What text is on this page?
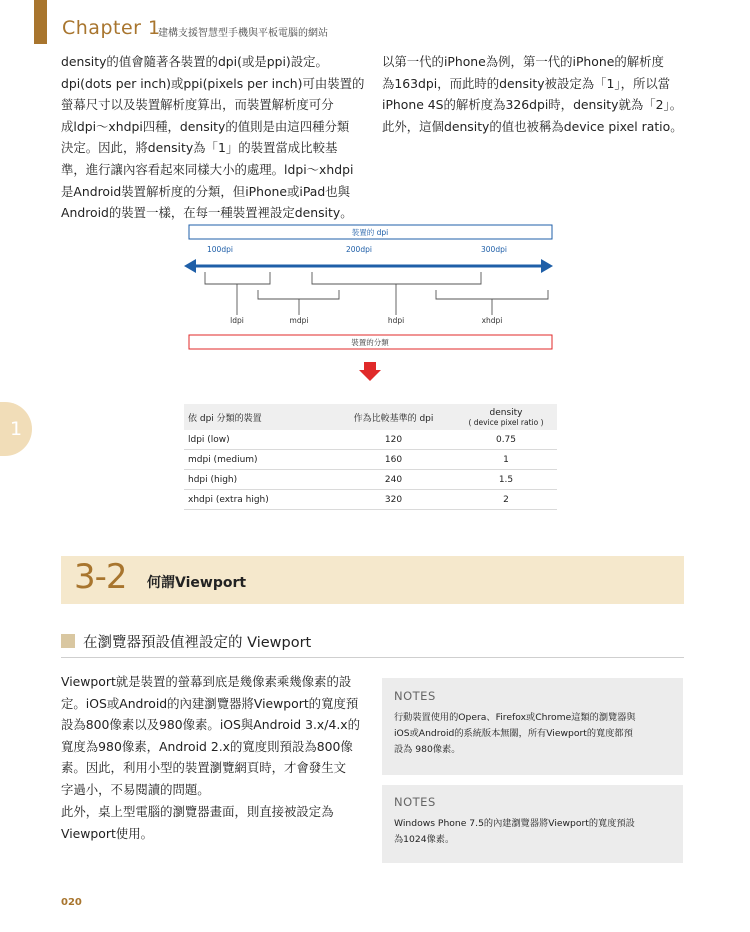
Chapter 1
建構支援智慧型手機與平板電腦的網站
1

density的值會隨著各裝置的dpi(或是ppi)設定。

dpi(dots per inch)或ppi(pixels per inch)可由裝置的

螢幕尺寸以及裝置解析度算出，而裝置解析度可分

成ldpi～xhdpi四種，density的值則是由這四種分類

決定。因此，將density為「1」的裝置當成比較基

準，進行讓內容看起來同樣大小的處理。ldpi～xhdpi

是Android裝置解析度的分類，但iPhone或iPad也與

Android的裝置一樣，在每一種裝置裡設定density。

以第一代的iPhone為例，第一代的iPhone的解析度

為163dpi，而此時的density被設定為「1」，所以當

iPhone 4S的解析度為326dpi時，density就為「2」。

此外，這個density的值也被稱為device pixel ratio。

裝置的 dpi
100dpi	200dpi	300dpi
ldpi	mdpi	hdpi	xhdpi
裝置的分類
依 dpi 分類的裝置	作為比較基準的 dpi	density
( device pixel ratio )

ldpi (low)	120	0.75
mdpi (medium)	160	1
hdpi (high)	240	1.5
xhdpi (extra high)	320	2
3-2 何謂Viewport
在瀏覽器預設值裡設定的 Viewport

Viewport就是裝置的螢幕到底是幾像素乘幾像素的設

定。iOS或Android的內建瀏覽器將Viewport的寬度預

設為800像素以及980像素。iOS與Android 3.x/4.x的

寬度為980像素，Android 2.x的寬度則預設為800像

素。因此，利用小型的裝置瀏覽網頁時，才會發生文

字過小，不易閱讀的問題。

此外，桌上型電腦的瀏覽器畫面，則直接被設定為

Viewport使用。

NOTES
行動裝置使用的Opera、Firefox或Chrome這類的瀏覽器與
iOS或Android的系統版本無關，所有Viewport的寬度都預
設為 980像素。
NOTES
Windows Phone 7.5的內建瀏覽器將Viewport的寬度預設
為1024像素。
020
